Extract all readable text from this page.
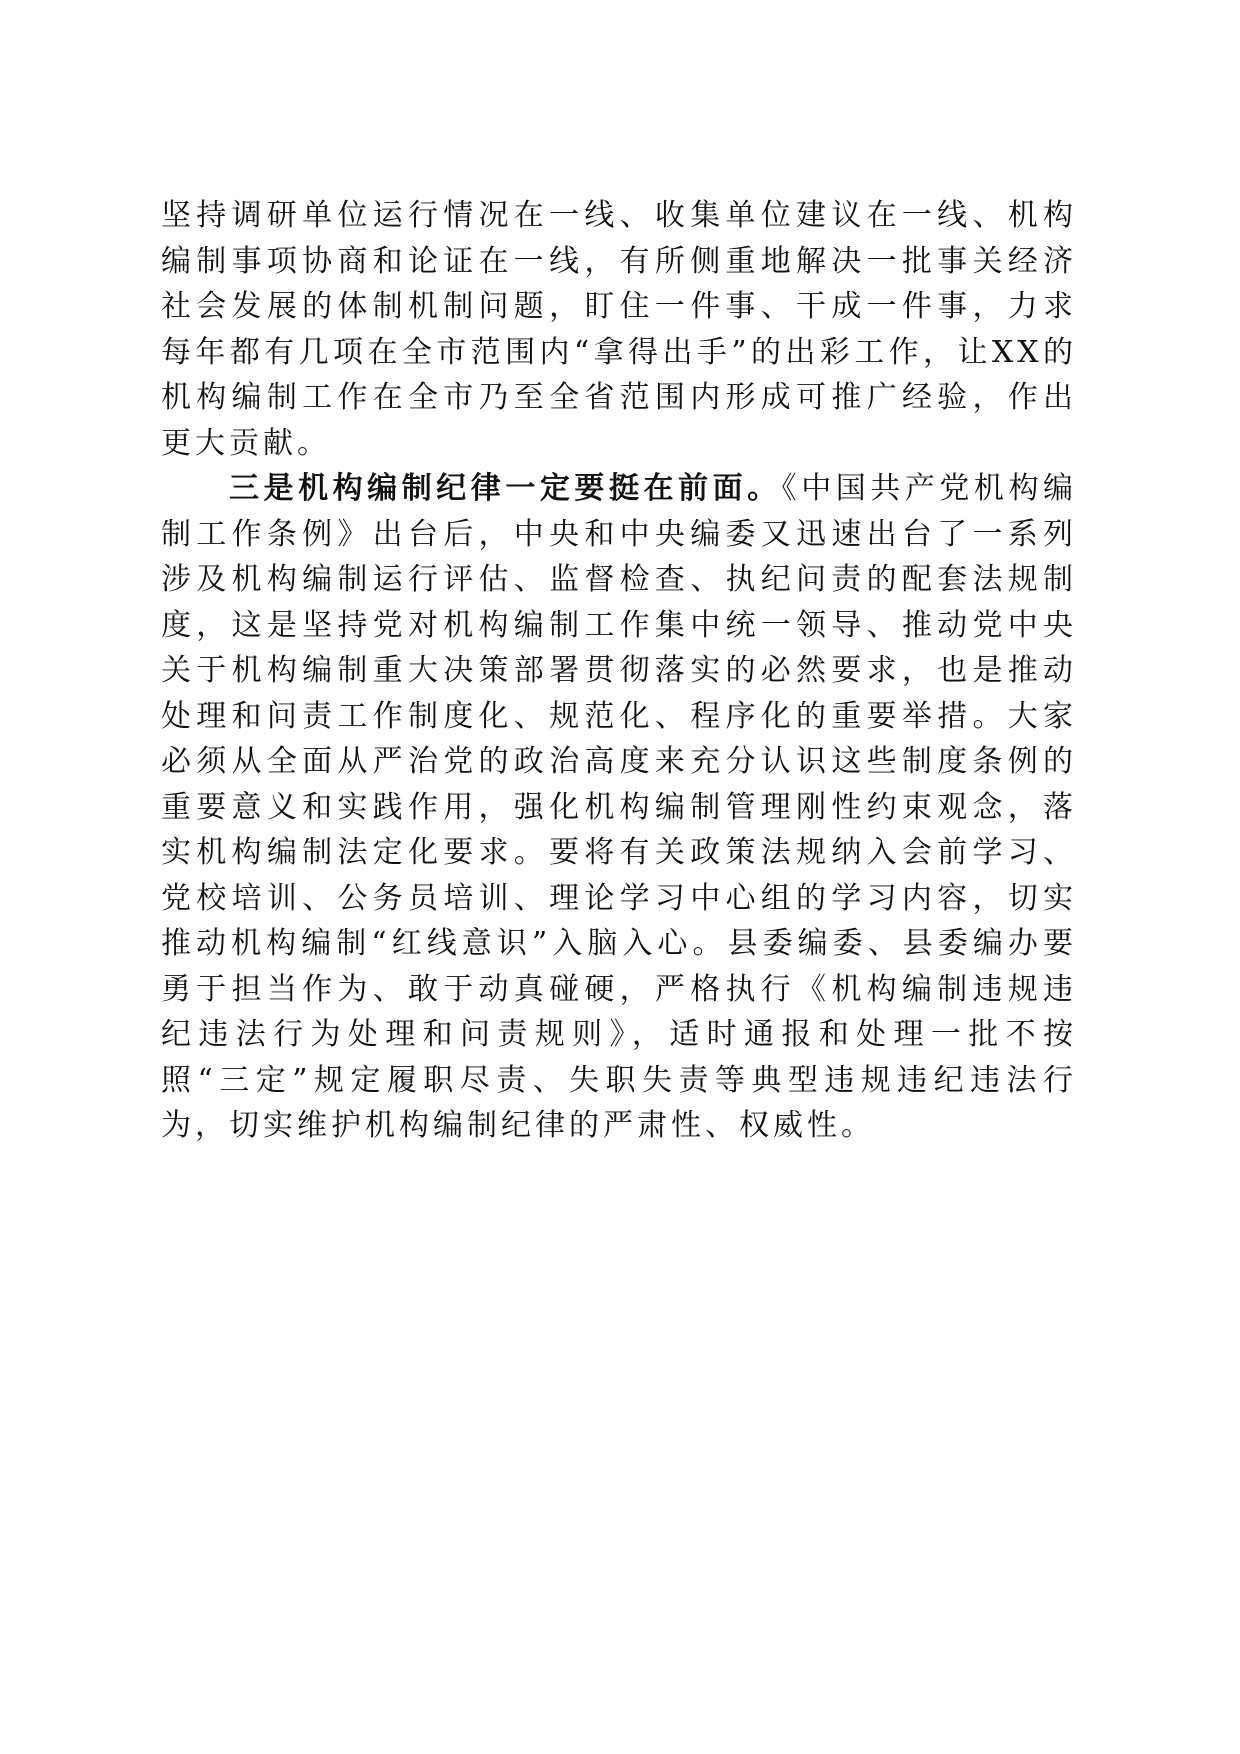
坚持调研单位运行情况在一线、收集单位建议在一线、机构编制事项协商和论证在一线，有所侧重地解决一批事关经济社会发展的体制机制问题，盯住一件事、干成一件事，力求每年都有几项在全市范围内“拿得出手”的出彩工作，让XX的机构编制工作在全市乃至全省范围内形成可推广经验，作出更大贡献。

三是机构编制纪律一定要挺在前面。《中国共产党机构编制工作条例》出台后，中央和中央编委又迅速出台了一系列涉及机构编制运行评估、监督检查、执纪问责的配套法规制度，这是坚持党对机构编制工作集中统一领导、推动党中央关于机构编制重大决策部署贯彻落实的必然要求，也是推动处理和问责工作制度化、规范化、程序化的重要举措。大家必须从全面从严治党的政治高度来充分认识这些制度条例的重要意义和实践作用，强化机构编制管理刚性约束观念，落实机构编制法定化要求。要将有关政策法规纳入会前学习、党校培训、公务员培训、理论学习中心组的学习内容，切实推动机构编制“红线意识”入脑入心。县委编委、县委编办要勇于担当作为、敢于动真碰硬，严格执行《机构编制违规违纪违法行为处理和问责规则》，适时通报和处理一批不按照“三定”规定履职尽责、失职失责等典型违规违纪违法行为，切实维护机构编制纪律的严肃性、权威性。
